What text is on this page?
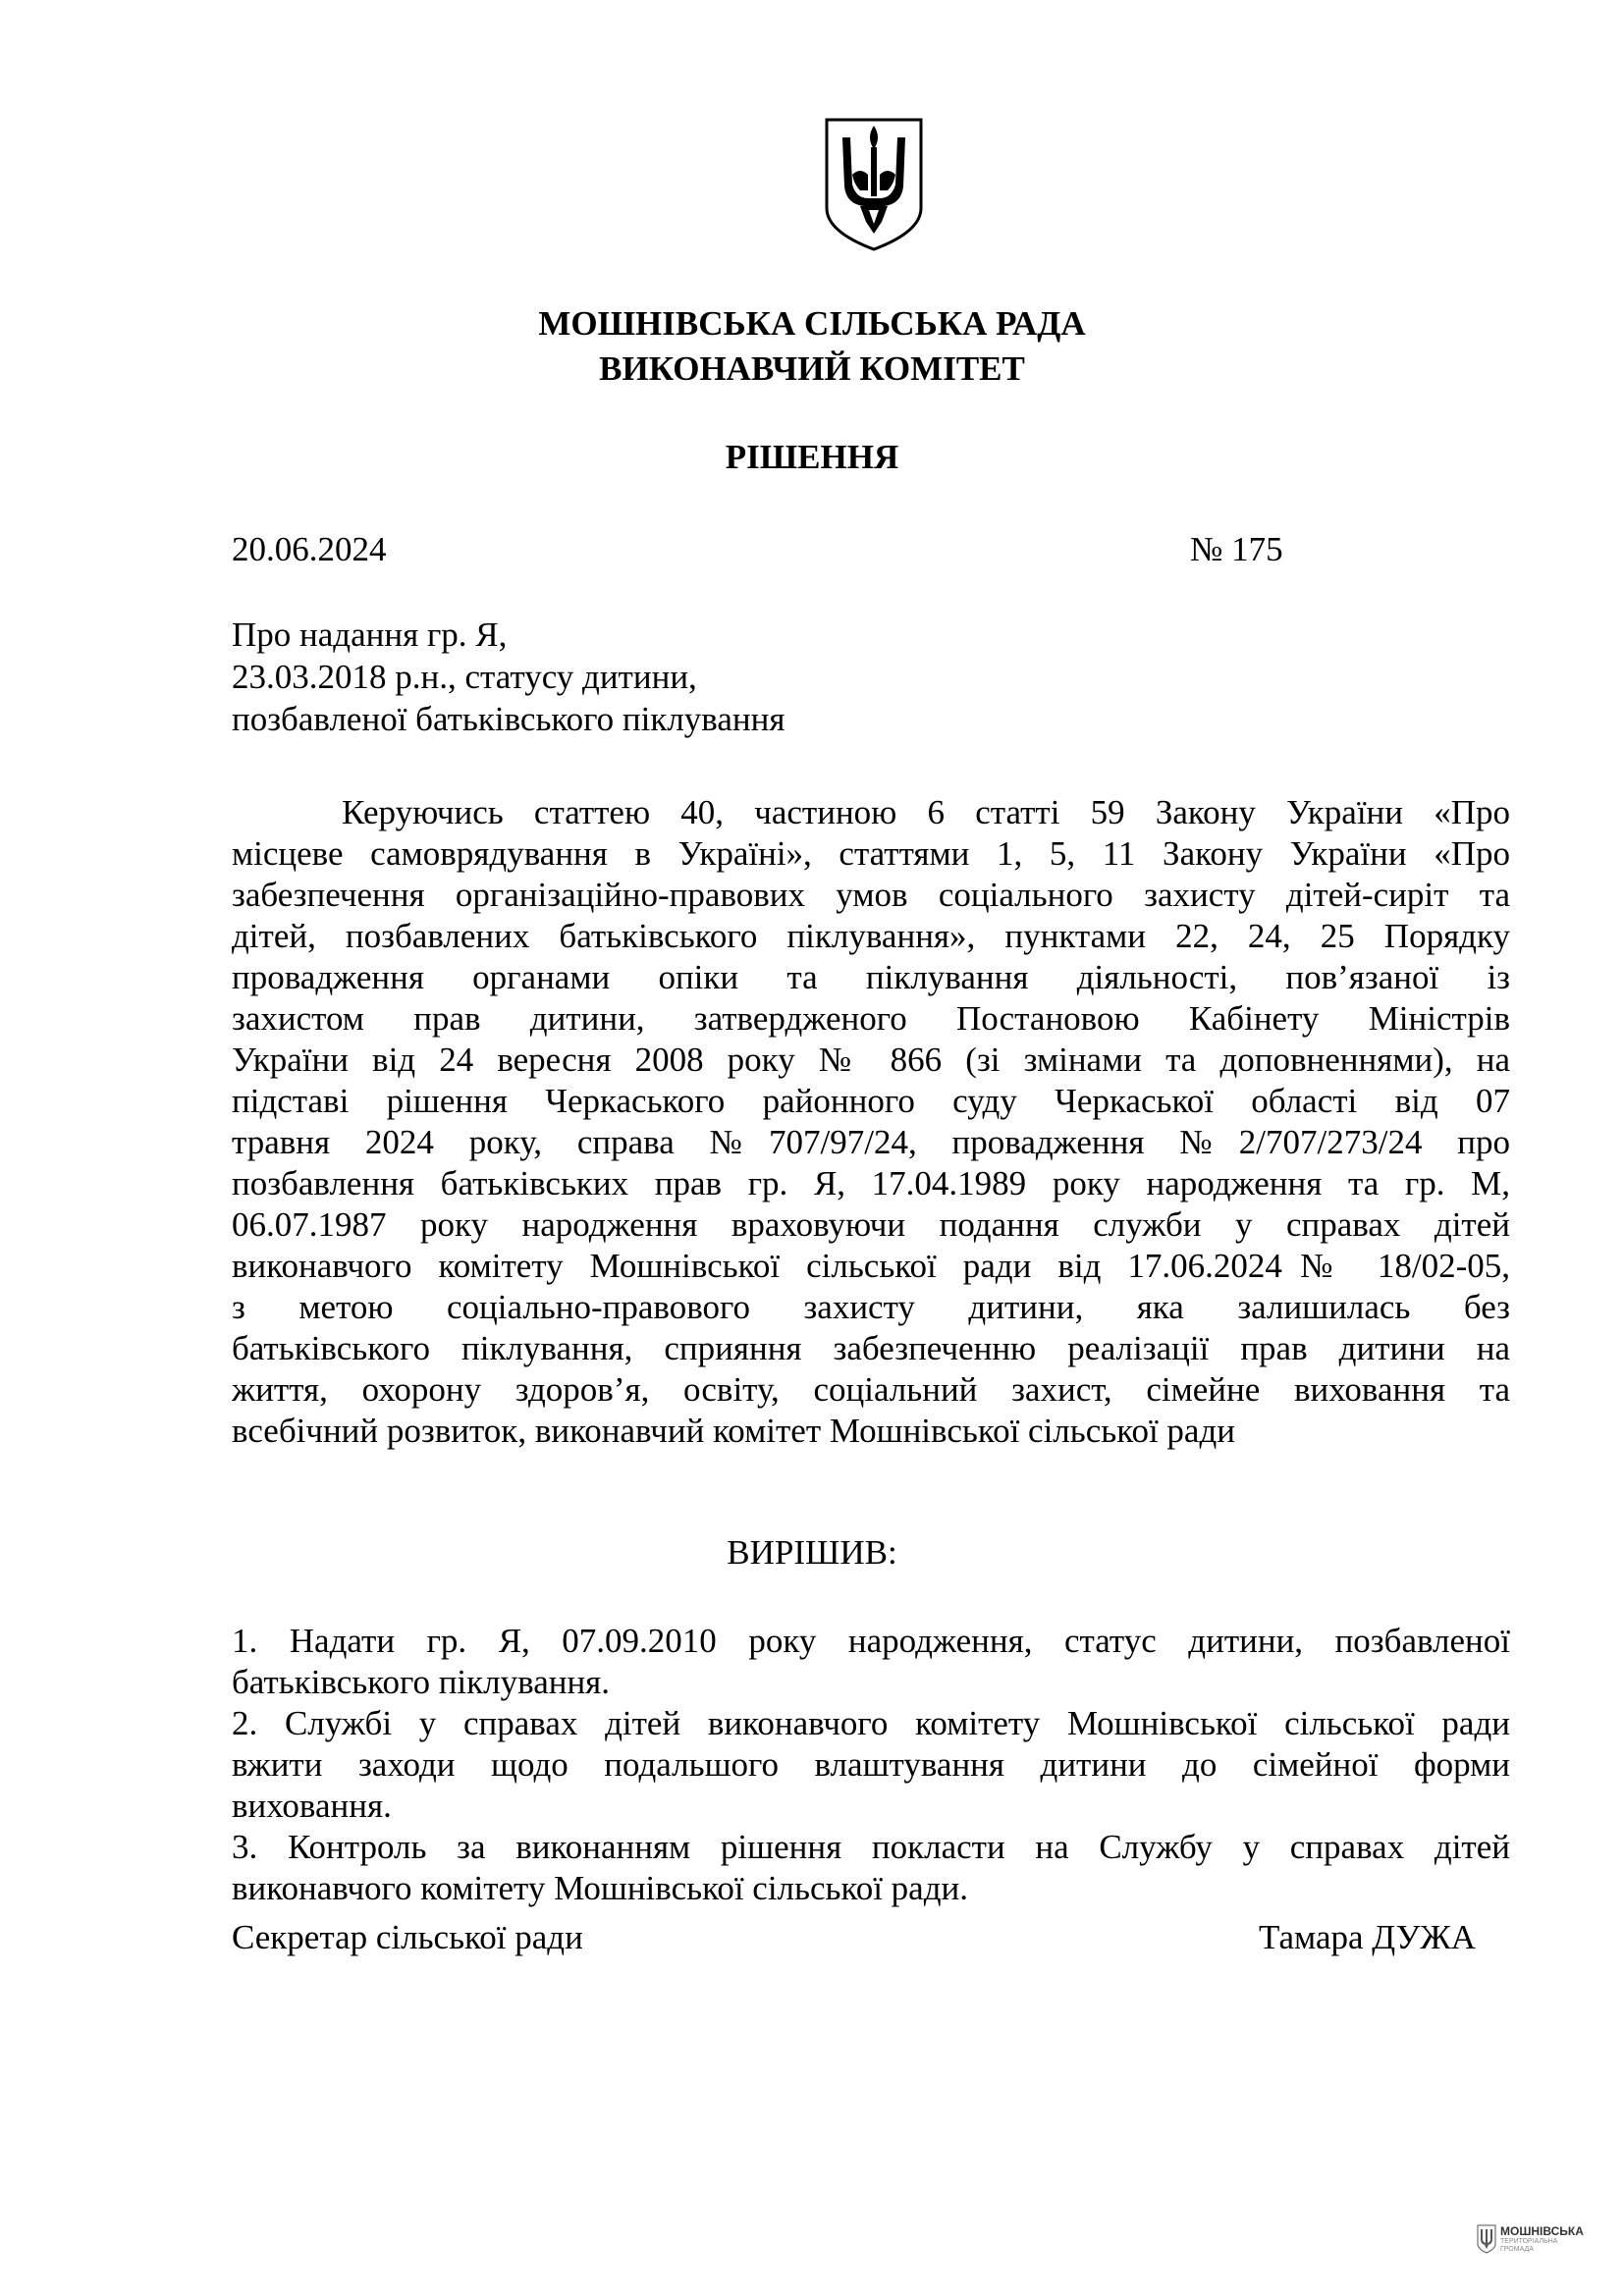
МОШНІВСЬКА СІЛЬСЬКА РАДА
ВИКОНАВЧИЙ КОМІТЕТ
РІШЕННЯ
20.06.2024	№ 175
Про надання гр. Я,
23.03.2018 р.н., статусу дитини,
позбавленої батьківського піклування
Керуючись статтею 40, частиною 6 статті 59 Закону України «Про
місцеве самоврядування в Україні», статтями 1, 5, 11 Закону України «Про
забезпечення організаційно-правових умов соціального захисту дітей-сиріт та
дітей, позбавлених батьківського піклування», пунктами 22, 24, 25 Порядку
провадження органами опіки та піклування діяльності, пов’язаної із
захистом прав дитини, затвердженого Постановою Кабінету Міністрів
України від 24 вересня 2008 року № 866 (зі змінами та доповненнями), на
підставі рішення Черкаського районного суду Черкаської області від 07
травня 2024 року, справа №707/97/24, провадження №2/707/273/24 про
позбавлення батьківських прав гр. Я, 17.04.1989 року народження та гр. М,
06.07.1987 року народження враховуючи подання служби у справах дітей
виконавчого комітету Мошнівської сільської ради від 17.06.2024№ 18/02-05,
з метою соціально-правового захисту дитини, яка залишилась без
батьківського піклування, сприяння забезпеченню реалізації прав дитини на
життя, охорону здоров’я, освіту, соціальний захист, сімейне виховання та
всебічний розвиток, виконавчий комітет Мошнівської сільської ради
ВИРІШИВ:
1. Надати гр. Я, 07.09.2010 року народження, статус дитини, позбавленої
батьківського піклування.
2. Службі у справах дітей виконавчого комітету Мошнівської сільської ради
вжити заходи щодо подальшого влаштування дитини до сімейної форми
виховання.
3. Контроль за виконанням рішення покласти на Службу у справах дітей
виконавчого комітету Мошнівської сільської ради.
Секретар сільської ради	Тамара ДУЖА
МОШНІВСЬКА
ТЕРИТОРІАЛЬНА
ГРОМАДА
